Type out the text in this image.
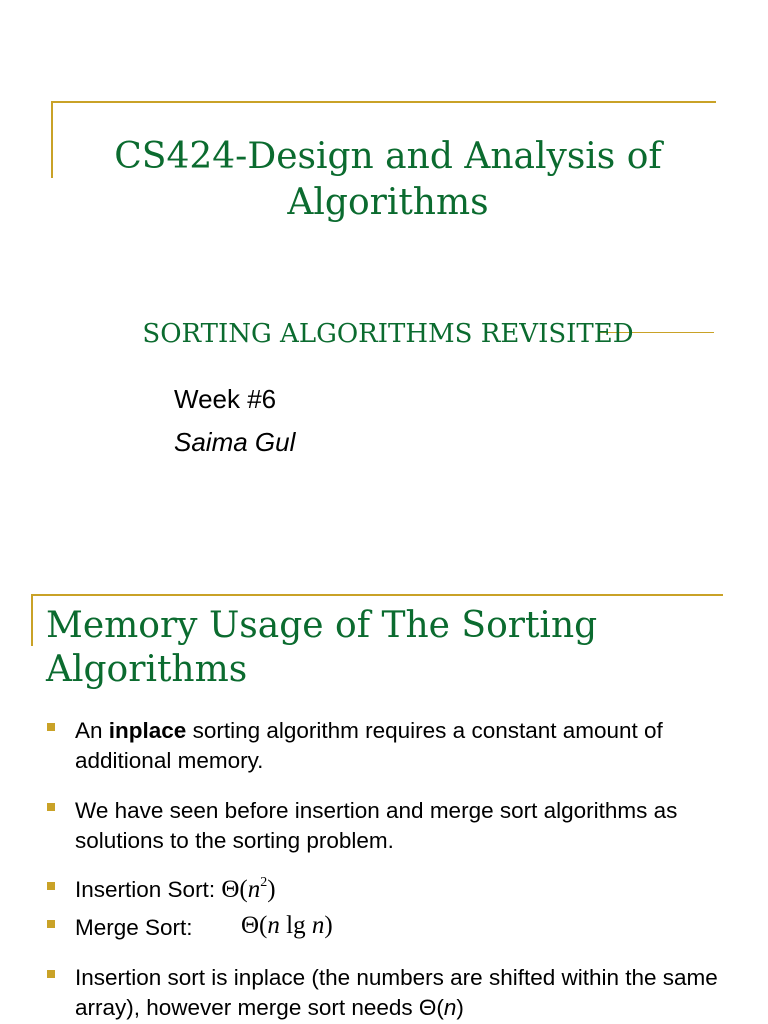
CS424-Design and Analysis of Algorithms
SORTING ALGORITHMS REVISITED
Week #6
Saima Gul
Memory Usage of The Sorting Algorithms
An inplace sorting algorithm requires a constant amount of additional memory.
We have seen before insertion and merge sort algorithms as solutions to the sorting problem.
Insertion Sort: $\Theta(n^2)$
Merge Sort: Θ(n lg n)
Insertion sort is inplace (the numbers are shifted within the same array), however merge sort needs Θ(n)
